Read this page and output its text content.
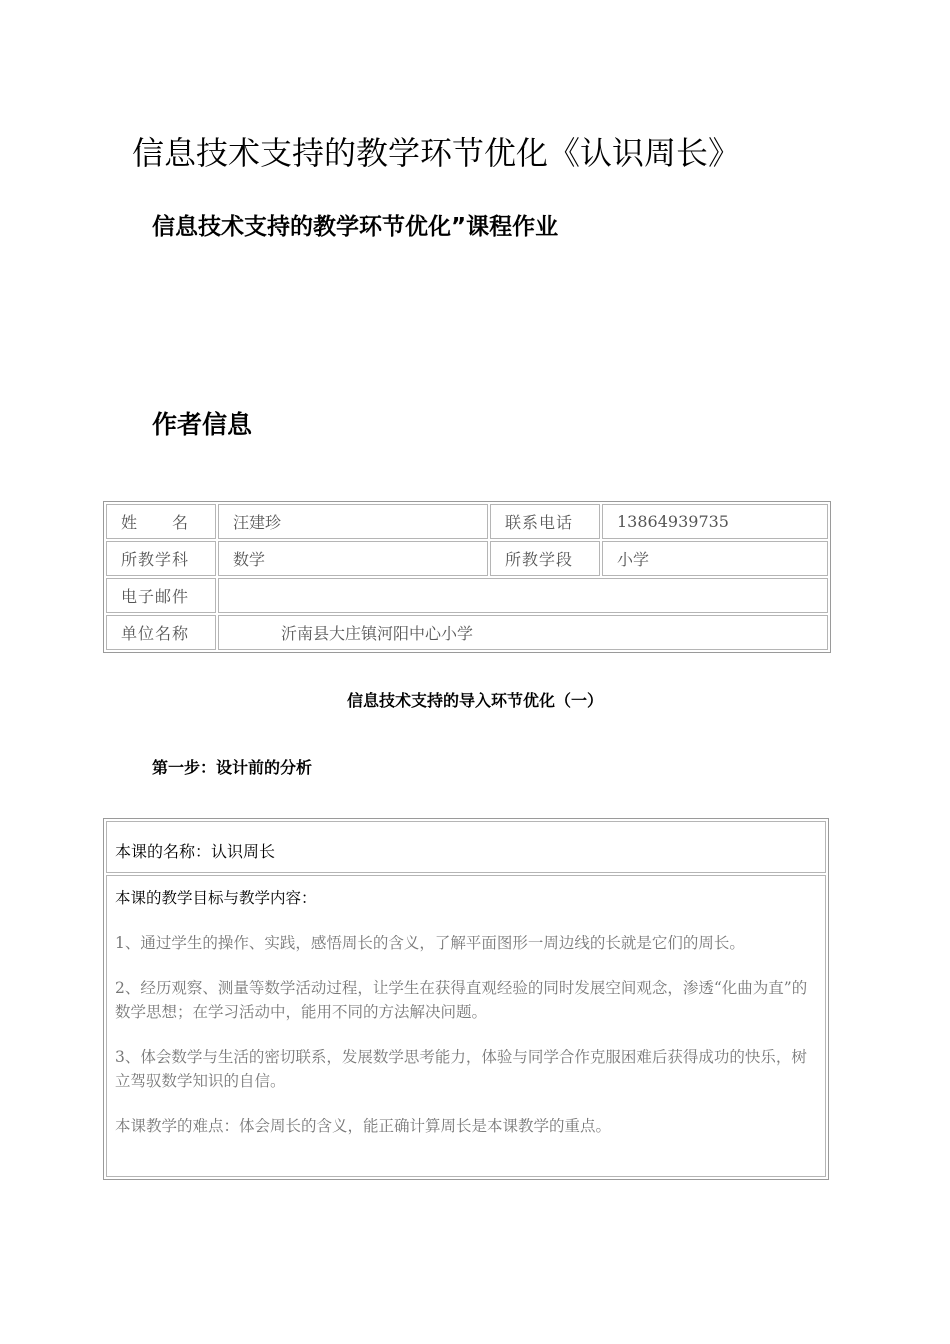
信息技术支持的教学环节优化《认识周长》
信息技术支持的教学环节优化”课程作业
作者信息
姓　　名	汪建珍	联系电话	13864939735
所教学科	数学	所教学段	小学
电子邮件			
单位名称	沂南县大庄镇河阳中心小学		
信息技术支持的导入环节优化（一）
第一步：设计前的分析
本课的名称：认识周长
本课的教学目标与教学内容：

1、通过学生的操作、实践，感悟周长的含义，了解平面图形一周边线的长就是它们的周长。

2、经历观察、测量等数学活动过程，让学生在获得直观经验的同时发展空间观念，渗透“化曲为直”的数学思想；在学习活动中，能用不同的方法解决问题。

3、体会数学与生活的密切联系，发展数学思考能力，体验与同学合作克服困难后获得成功的快乐，树立驾驭数学知识的自信。

本课教学的难点：体会周长的含义，能正确计算周长是本课教学的重点。
